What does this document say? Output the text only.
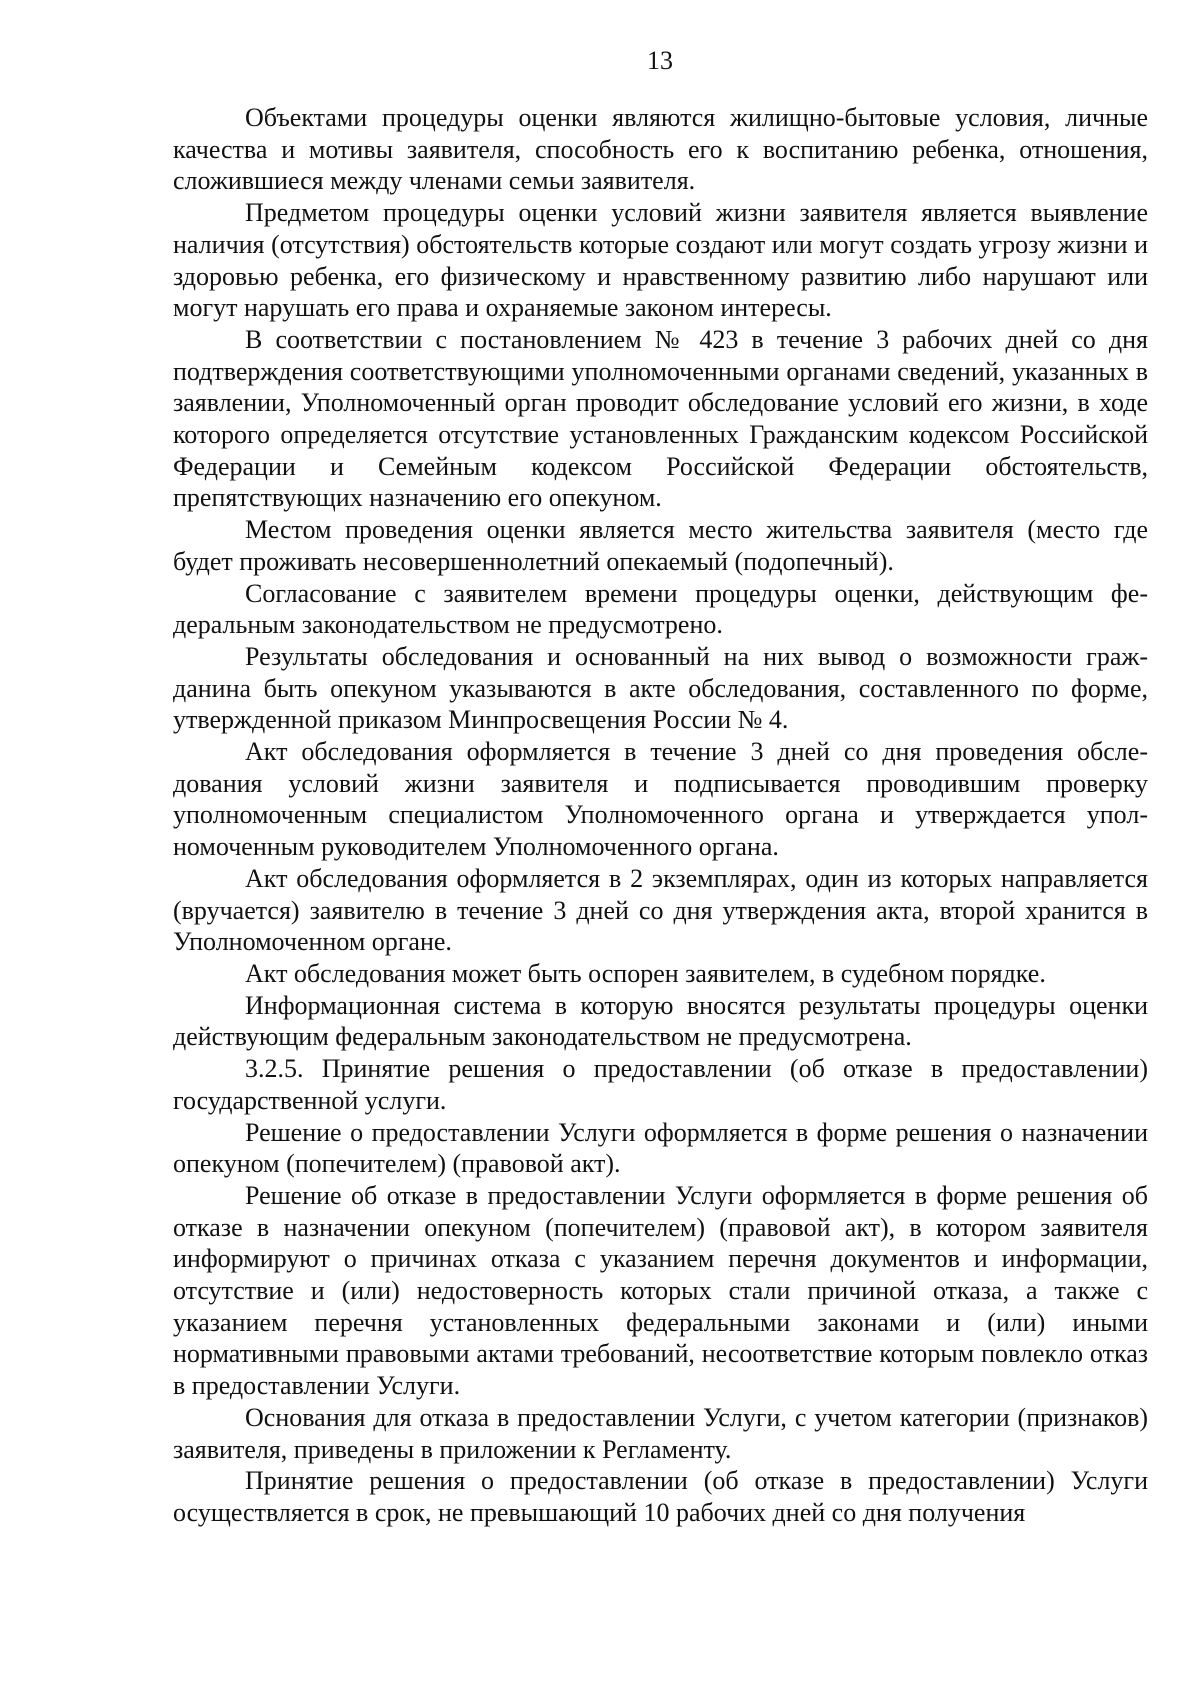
13

Объектами процедуры оценки являются жилищно-бытовые условия, личные качества и мотивы заявителя, способность его к воспитанию ребенка, отношения, сложившиеся между членами семьи заявителя.

Предметом процедуры оценки условий жизни заявителя является выявление наличия (отсутствия) обстоятельств которые создают или могут создать угрозу жизни и здоровью ребенка, его физическому и нравственному развитию либо нарушают или могут нарушать его права и охраняемые законом интересы.

В соответствии с постановлением № 423 в течение 3 рабочих дней со дня подтверждения соответствующими уполномоченными органами сведений, указанных в заявлении, Уполномоченный орган проводит обследование условий его жизни, в ходе которого определяется отсутствие установленных Гражданским кодексом Российской Федерации и Семейным кодексом Российской Федерации обстоятельств, препятствующих назначению его опекуном.

Местом проведения оценки является место жительства заявителя (место где будет проживать несовершеннолетний опекаемый (подопечный).

Согласование с заявителем времени процедуры оценки, действующим федеральным законодательством не предусмотрено.

Результаты обследования и основанный на них вывод о возможности гражданина быть опекуном указываются в акте обследования, составленного по форме, утвержденной приказом Минпросвещения России № 4.

Акт обследования оформляется в течение 3 дней со дня проведения обследования условий жизни заявителя и подписывается проводившим проверку уполномоченным специалистом Уполномоченного органа и утверждается уполномоченным руководителем Уполномоченного органа.

Акт обследования оформляется в 2 экземплярах, один из которых направляется (вручается) заявителю в течение 3 дней со дня утверждения акта, второй хранится в Уполномоченном органе.

Акт обследования может быть оспорен заявителем, в судебном порядке.

Информационная система в которую вносятся результаты процедуры оценки действующим федеральным законодательством не предусмотрена.

3.2.5. Принятие решения о предоставлении (об отказе в предоставлении) государственной услуги.

Решение о предоставлении Услуги оформляется в форме решения о назначении опекуном (попечителем) (правовой акт).

Решение об отказе в предоставлении Услуги оформляется в форме решения об отказе в назначении опекуном (попечителем) (правовой акт), в котором заявителя информируют о причинах отказа с указанием перечня документов и информации, отсутствие и (или) недостоверность которых стали причиной отказа, а также с указанием перечня установленных федеральными законами и (или) иными нормативными правовыми актами требований, несоответствие которым повлекло отказ в предоставлении Услуги.

Основания для отказа в предоставлении Услуги, с учетом категории (признаков) заявителя, приведены в приложении к Регламенту.

Принятие решения о предоставлении (об отказе в предоставлении) Услуги осуществляется в срок, не превышающий 10 рабочих дней со дня получения
